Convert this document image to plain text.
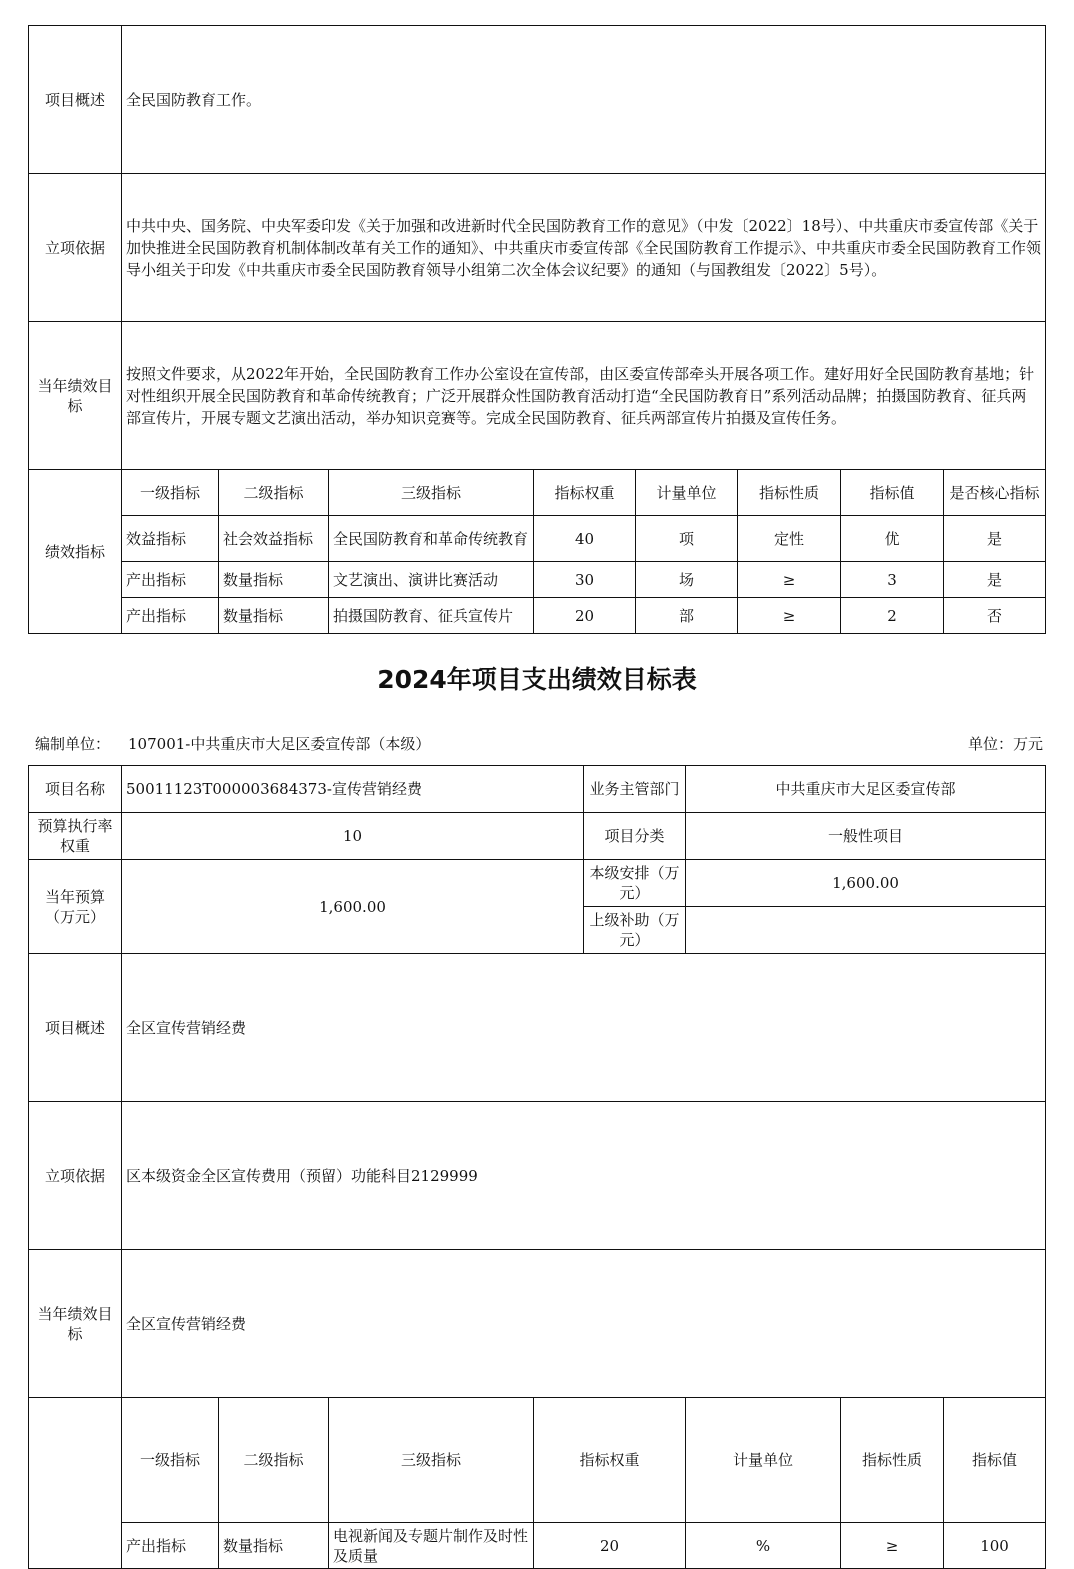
项目概述	全民国防教育工作。							
立项依据	中共中央、国务院、中央军委印发《关于加强和改进新时代全民国防教育工作的意见》（中发〔2022〕18号）、中共重庆市委宣传部《关于加快推进全民国防教育机制体制改革有关工作的通知》、中共重庆市委宣传部《全民国防教育工作提示》、中共重庆市委全民国防教育工作领导小组关于印发《中共重庆市委全民国防教育领导小组第二次全体会议纪要》的通知（与国教组发〔2022〕5号）。							
当年绩效目标	按照文件要求，从2022年开始，全民国防教育工作办公室设在宣传部，由区委宣传部牵头开展各项工作。建好用好全民国防教育基地；针对性组织开展全民国防教育和革命传统教育；广泛开展群众性国防教育活动打造“全民国防教育日”系列活动品牌；拍摄国防教育、征兵两部宣传片，开展专题文艺演出活动，举办知识竞赛等。完成全民国防教育、征兵两部宣传片拍摄及宣传任务。							
绩效指标	一级指标	二级指标	三级指标	指标权重	计量单位	指标性质	指标值	是否核心指标
	效益指标	社会效益指标	全民国防教育和革命传统教育	40	项	定性	优	是
	产出指标	数量指标	文艺演出、演讲比赛活动	30	场	≥	3	是
	产出指标	数量指标	拍摄国防教育、征兵宣传片	20	部	≥	2	否
2024年项目支出绩效目标表
编制单位： 107001-中共重庆市大足区委宣传部（本级）	单位：万元
项目名称	50011123T000003684373-宣传营销经费				业务主管部门	中共重庆市大足区委宣传部			
预算执行率权重	10				项目分类	一般性项目			
当年预算（万元）	1,600.00				本级安排（万元）	1,600.00			
					上级补助（万元）				
项目概述	全区宣传营销经费								
立项依据	区本级资金全区宣传费用（预留）功能科目2129999								
当年绩效目标	全区宣传营销经费								
	一级指标	二级指标	三级指标	指标权重		计量单位	指标性质	指标值	
	产出指标	数量指标	电视新闻及专题片制作及时性及质量	20		%	≥	100	
